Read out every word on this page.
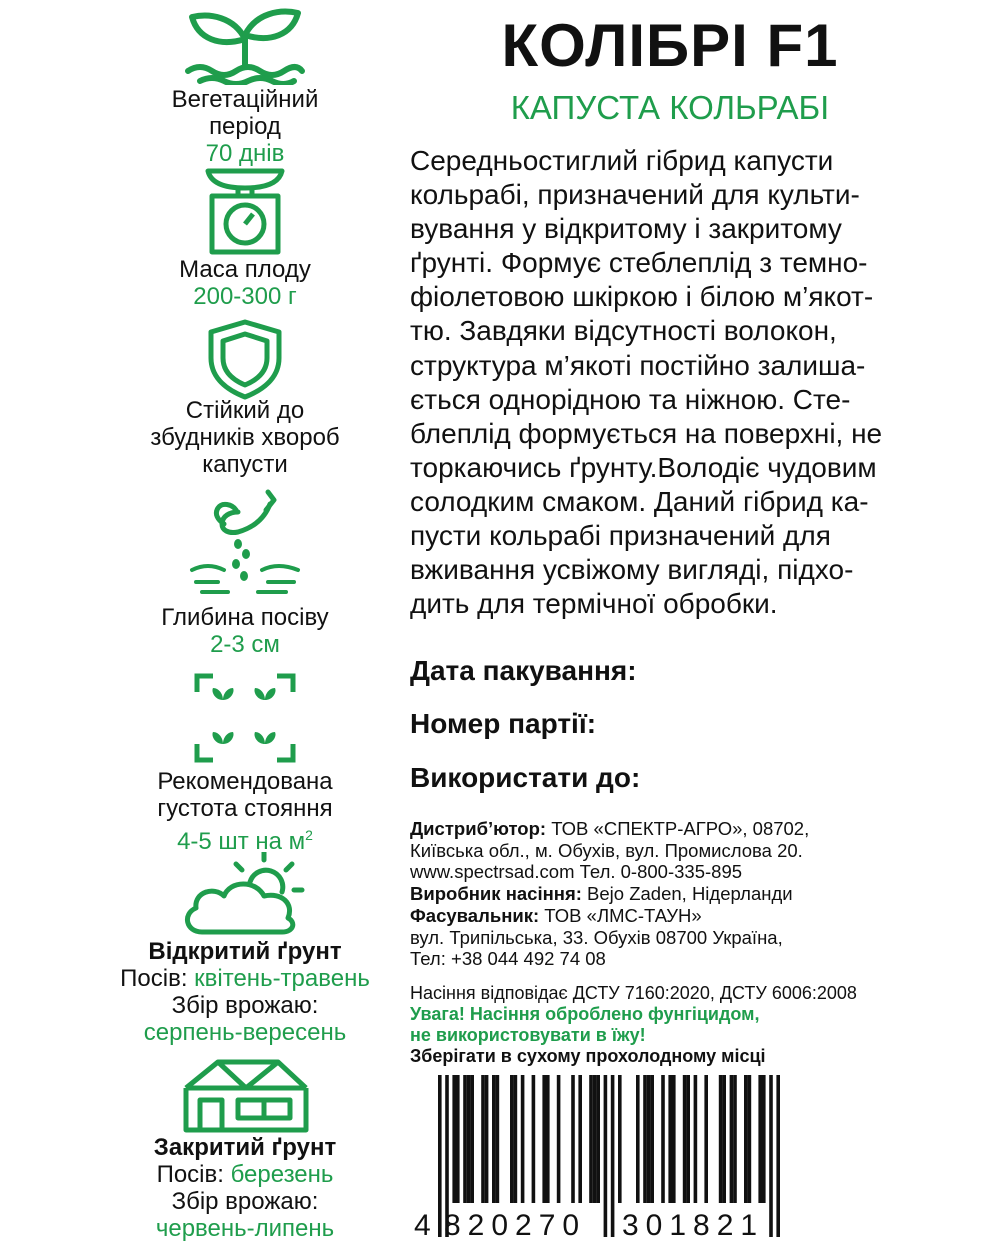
Вегетаційний
період
70 днів
Маса плоду
200-300 г
Стійкий до
збудників хвороб
капусти
Глибина посіву
2-3 см
Рекомендована
густота стояння
4-5 шт на $м^2$
Відкритий ґрунт
Посів: квітень-травень
Збір врожаю:
серпень-вересень
Закритий ґрунт
Посів: березень
Збір врожаю:
червень-липень
КОЛІБРІ F1
КАПУСТА КОЛЬРАБІ
Середньостиглий гібрид капусти
кольрабі, призначений для культи-
вування у відкритому і закритому
ґрунті. Формує стеблеплід з темно-
фіолетовою шкіркою і білою м’якот-
тю. Завдяки відсутності волокон,
структура м’якоті постійно залиша-
ється однорідною та ніжною. Сте-
блеплід формується на поверхні, не
торкаючись ґрунту.Володіє чудовим
солодким смаком. Даний гібрид ка-
пусти кольрабі призначений для
вживання усвіжому вигляді, підхо-
дить для термічної обробки.
Дата пакування:
Номер партії:
Використати до:
Дистриб’ютор: ТОВ «СПЕКТР-АГРО», 08702,
Київська обл., м. Обухів, вул. Промислова 20.
www.spectrsad.com Тел. 0-800-335-895
Виробник насіння: Bejo Zaden, Нідерланди
Фасувальник: ТОВ «ЛМС-ТАУН»
вул. Трипільська, 33. Обухів 08700 Україна,
Тел: +38 044 492 74 08
Насіння відповідає ДСТУ 7160:2020, ДСТУ 6006:2008
Увага! Насіння оброблено фунгіцидом,
не використовувати в їжу!
Зберігати в сухому прохолодному місці
4 820270 301821
